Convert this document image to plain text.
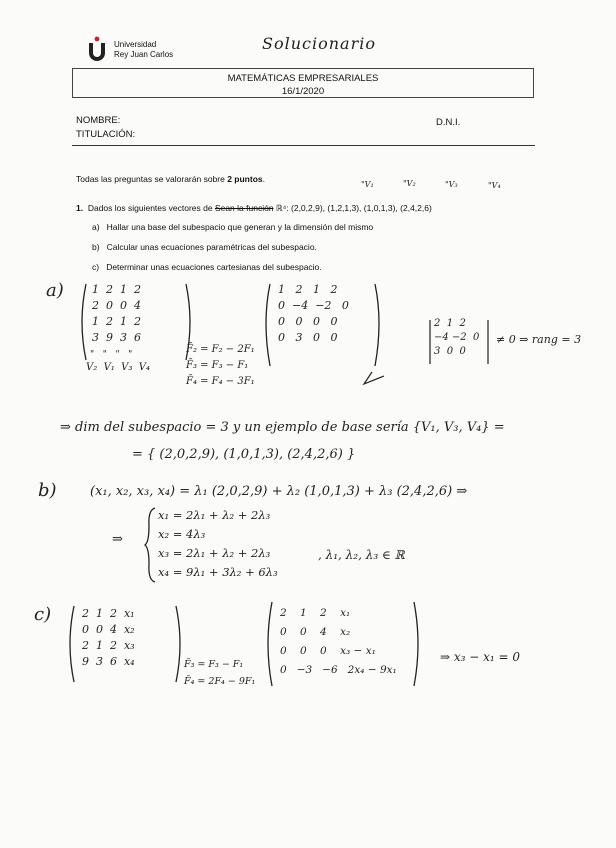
Universidad
Rey Juan Carlos
Solucionario
MATEMÁTICAS EMPRESARIALES
16/1/2020
NOMBRE:
TITULACIÓN:
D.N.I.
Todas las preguntas se valorarán sobre 2 puntos.
"V₁	"V₂	"V₃	"V₄
1. Dados los siguientes vectores de Sean la función ℝ⁴: (2,0,2,9), (1,2,1,3), (1,0,1,3), (2,4,2,6)
a) Hallar una base del subespacio que generan y la dimensión del mismo
b) Calcular unas ecuaciones paramétricas del subespacio.
c) Determinar unas ecuaciones cartesianas del subespacio.
a)	1  2  1  2
2  0  0  4
1  2  1  2
3  9  3  6
"   "   "   "
V₂  V₁  V₃  V₄
F̄₂ = F₂ − 2F₁
F̄₃ = F₃ − F₁
F̄₄ = F₄ − 3F₁
1   2   1   2
0  −4  −2   0
0   0   0   0
0   3   0   0
2  1  2
−4 −2  0
3  0  0
≠ 0 ⇒ rang = 3
⇒ dim del subespacio = 3 y un ejemplo de base sería {V₁, V₃, V₄} =
= { (2,0,2,9), (1,0,1,3), (2,4,2,6) }
b)	(x₁, x₂, x₃, x₄) = λ₁ (2,0,2,9) + λ₂ (1,0,1,3) + λ₃ (2,4,2,6) ⇒
⇒
x₁ = 2λ₁ + λ₂ + 2λ₃
x₂ = 4λ₃
x₃ = 2λ₁ + λ₂ + 2λ₃
x₄ = 9λ₁ + 3λ₂ + 6λ₃
, λ₁, λ₂, λ₃ ∈ ℝ
c)	2  1  2  x₁
0  0  4  x₂
2  1  2  x₃
9  3  6  x₄	F̄₃ = F₃ − F₁
F̄₄ = 2F₄ − 9F₁
2    1    2    x₁
0    0    4    x₂
0    0    0    x₃ − x₁
0   −3   −6   2x₄ − 9x₁
⇒ x₃ − x₁ = 0
